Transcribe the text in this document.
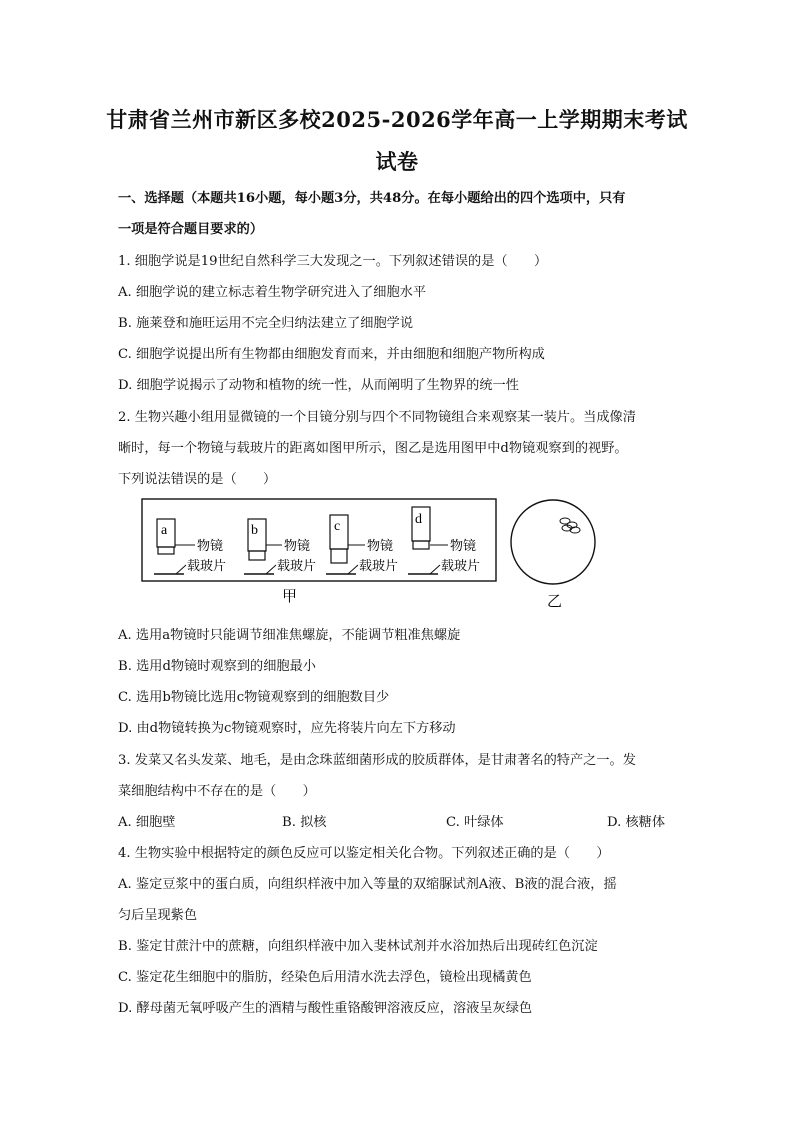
甘肃省兰州市新区多校2025-2026学年高一上学期期末考试
试卷
一、选择题（本题共16小题，每小题3分，共48分。在每小题给出的四个选项中，只有
一项是符合题目要求的）
1. 细胞学说是19世纪自然科学三大发现之一。下列叙述错误的是（　　）
A. 细胞学说的建立标志着生物学研究进入了细胞水平
B. 施莱登和施旺运用不完全归纳法建立了细胞学说
C. 细胞学说提出所有生物都由细胞发育而来，并由细胞和细胞产物所构成
D. 细胞学说揭示了动物和植物的统一性，从而阐明了生物界的统一性
2. 生物兴趣小组用显微镜的一个目镜分别与四个不同物镜组合来观察某一装片。当成像清
晰时，每一个物镜与载玻片的距离如图甲所示，图乙是选用图甲中d物镜观察到的视野。
下列说法错误的是（　　）
a
物镜
载玻片
b
物镜
载玻片
c
物镜
载玻片
d
物镜
载玻片
甲	乙
A. 选用a物镜时只能调节细准焦螺旋，不能调节粗准焦螺旋
B. 选用d物镜时观察到的细胞最小
C. 选用b物镜比选用c物镜观察到的细胞数目少
D. 由d物镜转换为c物镜观察时，应先将装片向左下方移动
3. 发菜又名头发菜、地毛，是由念珠蓝细菌形成的胶质群体，是甘肃著名的特产之一。发
菜细胞结构中不存在的是（　　）
A. 细胞壁	B. 拟核	C. 叶绿体	D. 核糖体
4. 生物实验中根据特定的颜色反应可以鉴定相关化合物。下列叙述正确的是（　　）
A. 鉴定豆浆中的蛋白质，向组织样液中加入等量的双缩脲试剂A液、B液的混合液，摇
匀后呈现紫色
B. 鉴定甘蔗汁中的蔗糖，向组织样液中加入斐林试剂并水浴加热后出现砖红色沉淀
C. 鉴定花生细胞中的脂肪，经染色后用清水洗去浮色，镜检出现橘黄色
D. 酵母菌无氧呼吸产生的酒精与酸性重铬酸钾溶液反应，溶液呈灰绿色
